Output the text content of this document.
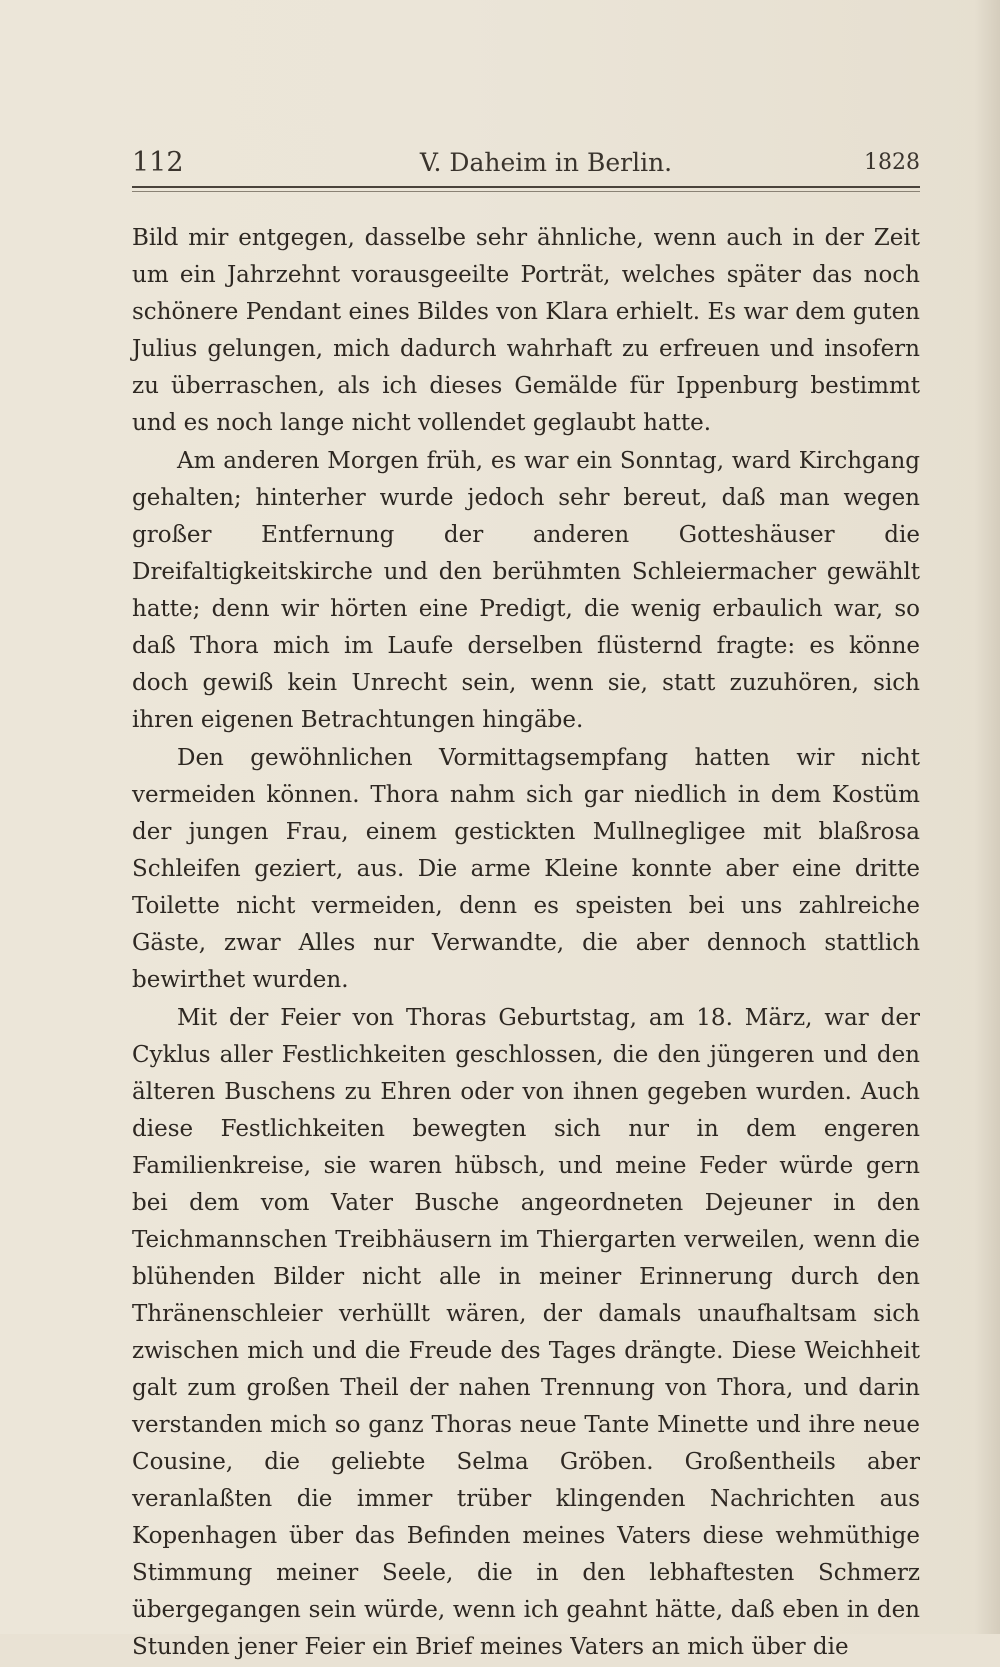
112	V. Daheim in Berlin.	1828

Bild mir entgegen, dasselbe sehr ähnliche, wenn auch in der Zeit um ein Jahrzehnt vorausgeeilte Porträt, welches später das noch schönere Pendant eines Bildes von Klara erhielt. Es war dem guten Julius gelungen, mich dadurch wahrhaft zu erfreuen und insofern zu überraschen, als ich dieses Gemälde für Ippenburg bestimmt und es noch lange nicht vollendet geglaubt hatte.

Am anderen Morgen früh, es war ein Sonntag, ward Kirchgang gehalten; hinterher wurde jedoch sehr bereut, daß man wegen großer Entfernung der anderen Gotteshäuser die Dreifaltigkeitskirche und den berühmten Schleiermacher gewählt hatte; denn wir hörten eine Predigt, die wenig erbaulich war, so daß Thora mich im Laufe derselben flüsternd fragte: es könne doch gewiß kein Unrecht sein, wenn sie, statt zuzuhören, sich ihren eigenen Betrachtungen hingäbe.

Den gewöhnlichen Vormittagsempfang hatten wir nicht vermeiden können. Thora nahm sich gar niedlich in dem Kostüm der jungen Frau, einem gestickten Mullnegligee mit blaßrosa Schleifen geziert, aus. Die arme Kleine konnte aber eine dritte Toilette nicht vermeiden, denn es speisten bei uns zahlreiche Gäste, zwar Alles nur Verwandte, die aber dennoch stattlich bewirthet wurden.

Mit der Feier von Thoras Geburtstag, am 18. März, war der Cyklus aller Festlichkeiten geschlossen, die den jüngeren und den älteren Buschens zu Ehren oder von ihnen gegeben wurden. Auch diese Festlichkeiten bewegten sich nur in dem engeren Familienkreise, sie waren hübsch, und meine Feder würde gern bei dem vom Vater Busche angeordneten Dejeuner in den Teichmannschen Treibhäusern im Thiergarten verweilen, wenn die blühenden Bilder nicht alle in meiner Erinnerung durch den Thränenschleier verhüllt wären, der damals unaufhaltsam sich zwischen mich und die Freude des Tages drängte. Diese Weichheit galt zum großen Theil der nahen Trennung von Thora, und darin verstanden mich so ganz Thoras neue Tante Minette und ihre neue Cousine, die geliebte Selma Gröben. Großentheils aber veranlaßten die immer trüber klingenden Nachrichten aus Kopenhagen über das Befinden meines Vaters diese wehmüthige Stimmung meiner Seele, die in den lebhaftesten Schmerz übergegangen sein würde, wenn ich geahnt hätte, daß eben in den Stunden jener Feier ein Brief meines Vaters an mich über die
